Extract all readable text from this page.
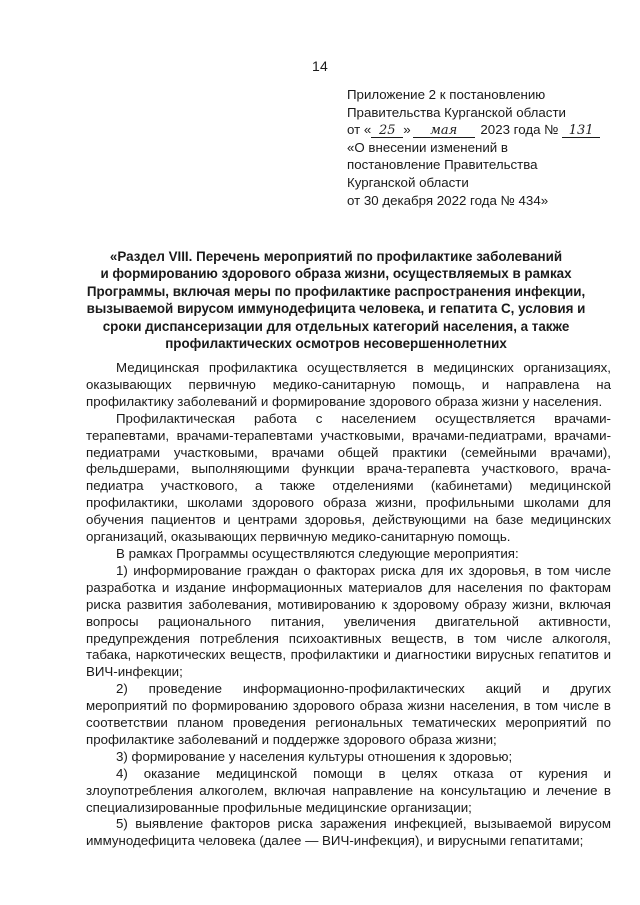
14
Приложение 2 к постановлению
Правительства Курганской области
от « 25 » мая 2023 года № 131
«О внесении изменений в
постановление Правительства
Курганской области
от 30 декабря 2022 года № 434»
«Раздел VIII. Перечень мероприятий по профилактике заболеваний
и формированию здорового образа жизни, осуществляемых в рамках
Программы, включая меры по профилактике распространения инфекции,
вызываемой вирусом иммунодефицита человека, и гепатита С, условия и
сроки диспансеризации для отдельных категорий населения, а также
профилактических осмотров несовершеннолетних
Медицинская профилактика осуществляется в медицинских организациях,
оказывающих первичную медико-санитарную помощь, и направлена на
профилактику заболеваний и формирование здорового образа жизни у населения.
Профилактическая работа с населением осуществляется врачами-
терапевтами, врачами-терапевтами участковыми, врачами-педиатрами, врачами-
педиатрами участковыми, врачами общей практики (семейными врачами),
фельдшерами, выполняющими функции врача-терапевта участкового, врача-
педиатра участкового, а также отделениями (кабинетами) медицинской
профилактики, школами здорового образа жизни, профильными школами для
обучения пациентов и центрами здоровья, действующими на базе медицинских
организаций, оказывающих первичную медико-санитарную помощь.
В рамках Программы осуществляются следующие мероприятия:
1) информирование граждан о факторах риска для их здоровья, в том числе
разработка и издание информационных материалов для населения по факторам
риска развития заболевания, мотивированию к здоровому образу жизни, включая
вопросы рационального питания, увеличения двигательной активности,
предупреждения потребления психоактивных веществ, в том числе алкоголя,
табака, наркотических веществ, профилактики и диагностики вирусных гепатитов и
ВИЧ-инфекции;
2) проведение информационно-профилактических акций и других
мероприятий по формированию здорового образа жизни населения, в том числе в
соответствии планом проведения региональных тематических мероприятий по
профилактике заболеваний и поддержке здорового образа жизни;
3) формирование у населения культуры отношения к здоровью;
4) оказание медицинской помощи в целях отказа от курения и
злоупотребления алкоголем, включая направление на консультацию и лечение в
специализированные профильные медицинские организации;
5) выявление факторов риска заражения инфекцией, вызываемой вирусом
иммунодефицита человека (далее — ВИЧ-инфекция), и вирусными гепатитами;
